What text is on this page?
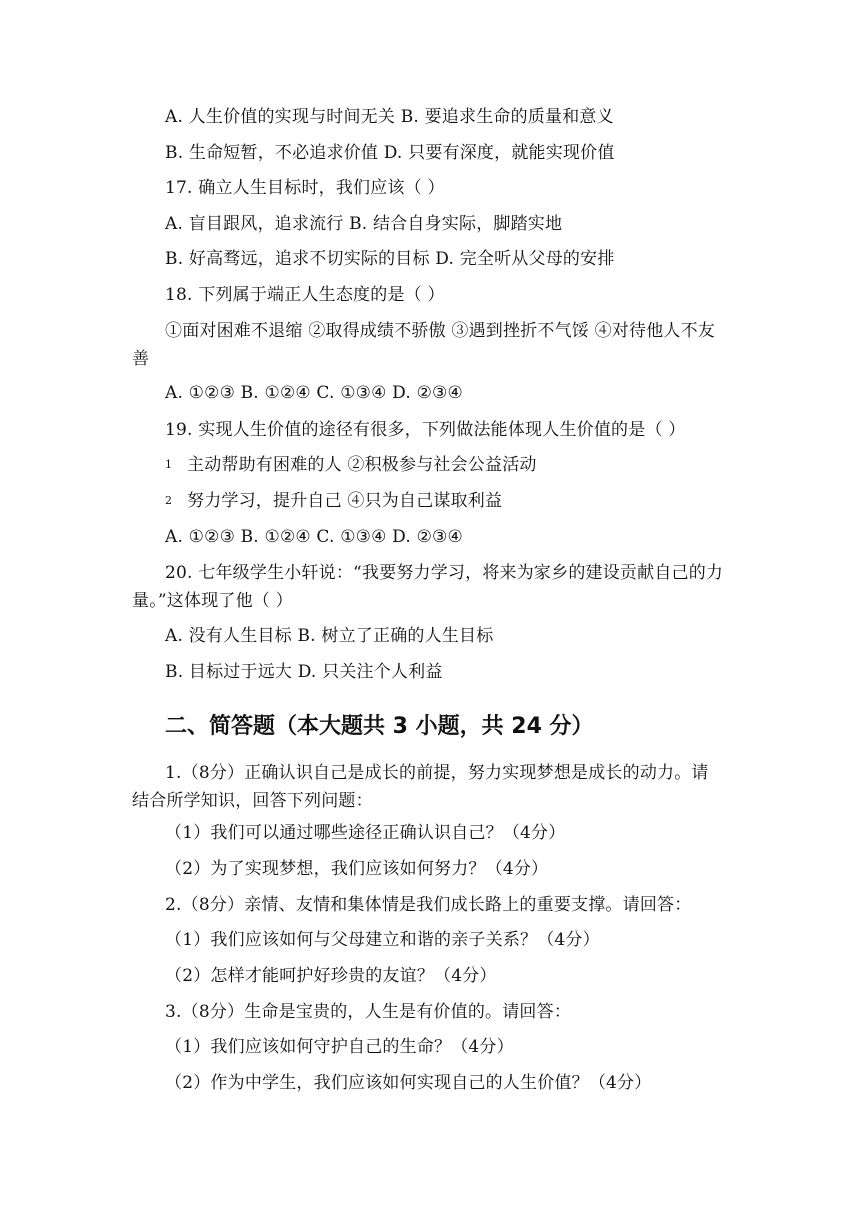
A. 人生价值的实现与时间无关 B. 要追求生命的质量和意义
B. 生命短暂，不必追求价值 D. 只要有深度，就能实现价值
17. 确立人生目标时，我们应该（ ）
A. 盲目跟风，追求流行 B. 结合自身实际，脚踏实地
B. 好高骛远，追求不切实际的目标 D. 完全听从父母的安排
18. 下列属于端正人生态度的是（ ）
①面对困难不退缩 ②取得成绩不骄傲 ③遇到挫折不气馁 ④对待他人不友
善
A. ①②③ B. ①②④ C. ①③④ D. ②③④
19. 实现人生价值的途径有很多，下列做法能体现人生价值的是（ ）
1 主动帮助有困难的人 ②积极参与社会公益活动
2 努力学习，提升自己 ④只为自己谋取利益
A. ①②③ B. ①②④ C. ①③④ D. ②③④
20. 七年级学生小轩说：“我要努力学习，将来为家乡的建设贡献自己的力
量。”这体现了他（ ）
A. 没有人生目标 B. 树立了正确的人生目标
B. 目标过于远大 D. 只关注个人利益
二、简答题（本大题共 3 小题，共 24 分）
1.（8分）正确认识自己是成长的前提，努力实现梦想是成长的动力。请
结合所学知识，回答下列问题：
（1）我们可以通过哪些途径正确认识自己？（4分）
（2）为了实现梦想，我们应该如何努力？（4分）
2.（8分）亲情、友情和集体情是我们成长路上的重要支撑。请回答：
（1）我们应该如何与父母建立和谐的亲子关系？（4分）
（2）怎样才能呵护好珍贵的友谊？（4分）
3.（8分）生命是宝贵的，人生是有价值的。请回答：
（1）我们应该如何守护自己的生命？（4分）
（2）作为中学生，我们应该如何实现自己的人生价值？（4分）
